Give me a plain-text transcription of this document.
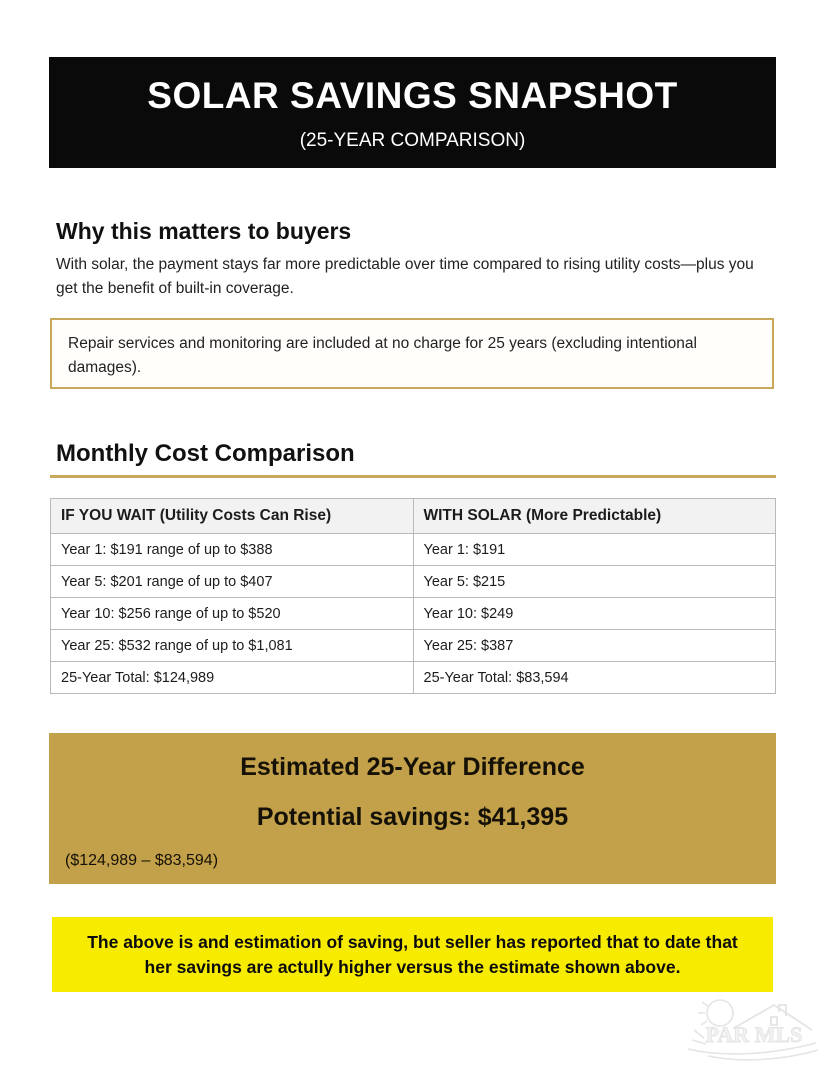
SOLAR SAVINGS SNAPSHOT
(25-YEAR COMPARISON)
Why this matters to buyers

With solar, the payment stays far more predictable over time compared to rising utility costs—plus you get the benefit of built-in coverage.

Repair services and monitoring are included at no charge for 25 years (excluding intentional damages).
Monthly Cost Comparison
IF YOU WAIT (Utility Costs Can Rise)	WITH SOLAR (More Predictable)
Year 1: $191 range of up to $388	Year 1: $191
Year 5: $201 range of up to $407	Year 5: $215
Year 10: $256 range of up to $520	Year 10: $249
Year 25: $532 range of up to $1,081	Year 25: $387
25-Year Total: $124,989	25-Year Total: $83,594
Estimated 25-Year Difference
Potential savings: $41,395
($124,989 – $83,594)

The above is and estimation of saving, but seller has reported that to date that her savings are actully higher versus the estimate shown above.

PAR MLS
